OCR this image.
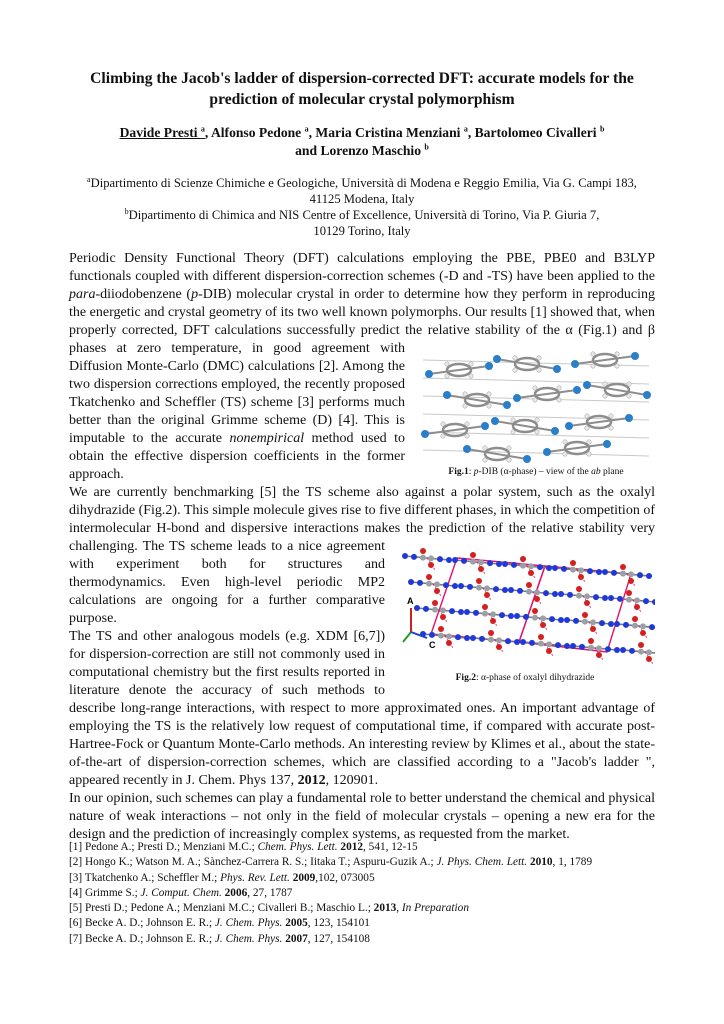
Climbing the Jacob's ladder of dispersion-corrected DFT: accurate models for the prediction of molecular crystal polymorphism
Davide Presti $^a$, Alfonso Pedone $^a$, Maria Cristina Menziani $^a$, Bartolomeo Civalleri $^b$
and Lorenzo Maschio $^b$
$^a$Dipartimento di Scienze Chimiche e Geologiche, Università di Modena e Reggio Emilia, Via G. Campi 183,
41125 Modena, Italy
$^b$Dipartimento di Chimica and NIS Centre of Excellence, Università di Torino, Via P. Giuria 7,
10129 Torino, Italy

Periodic Density Functional Theory (DFT) calculations employing the PBE, PBE0 and B3LYP functionals coupled with different dispersion-correction schemes (-D and -TS) have been applied to the para-diiodobenzene (p-DIB) molecular crystal in order to determine how they perform in reproducing the energetic and crystal geometry of its two well known polymorphs. Our results [1] showed that, when properly corrected, DFT calculations successfully predict the relative stability of
Fig.1: p-DIB (α-phase) – view of the ab plane
the α (Fig.1) and β phases at zero temperature, in good agreement with Diffusion Monte-Carlo (DMC) calculations [2]. Among the two dispersion corrections employed, the recently proposed Tkatchenko and Scheffler (TS) scheme [3] performs much better than the original Grimme scheme (D) [4]. This is imputable to the accurate nonempirical method used to obtain the effective dispersion coefficients in the former approach.

We are currently benchmarking [5] the TS scheme also against a polar system, such as the oxalyl dihydrazide (Fig.2). This simple molecule gives rise to five different phases, in which the competition of intermolecular H-bond and dispersive interactions makes the prediction of the relative stability very challenging. The TS scheme leads to a nice
A
C
Fig.2: α-phase of oxalyl dihydrazide
agreement with experiment both for structures and thermodynamics. Even high-level periodic MP2 calculations are ongoing for a further comparative purpose.

The TS and other analogous models (e.g. XDM [6,7]) for dispersion-correction are still not commonly used in computational chemistry but the first results reported in literature denote the accuracy of such methods to describe long-range interactions, with respect to more approximated ones. An important advantage of employing the TS is the relatively low request of computational time, if compared with accurate post-Hartree-Fock or Quantum Monte-Carlo methods. An interesting review by Klimes et al., about the state-of-the-art of dispersion-correction schemes, which are classified according to a "Jacob's ladder ", appeared recently in J. Chem. Phys 137, 2012, 120901.

In our opinion, such schemes can play a fundamental role to better understand the chemical and physical nature of weak interactions – not only in the field of molecular crystals – opening a new era for the design and the prediction of increasingly complex systems, as requested from the market.

[1] Pedone A.; Presti D.; Menziani M.C.; Chem. Phys. Lett. 2012, 541, 12-15
[2] Hongo K.; Watson M. A.; Sànchez-Carrera R. S.; Iitaka T.; Aspuru-Guzik A.; J. Phys. Chem. Lett. 2010, 1, 1789
[3] Tkatchenko A.; Scheffler M.; Phys. Rev. Lett. 2009,102, 073005
[4] Grimme S.; J. Comput. Chem. 2006, 27, 1787
[5] Presti D.; Pedone A.; Menziani M.C.; Civalleri B.; Maschio L.; 2013, In Preparation
[6] Becke A. D.; Johnson E. R.; J. Chem. Phys. 2005, 123, 154101
[7] Becke A. D.; Johnson E. R.; J. Chem. Phys. 2007, 127, 154108
